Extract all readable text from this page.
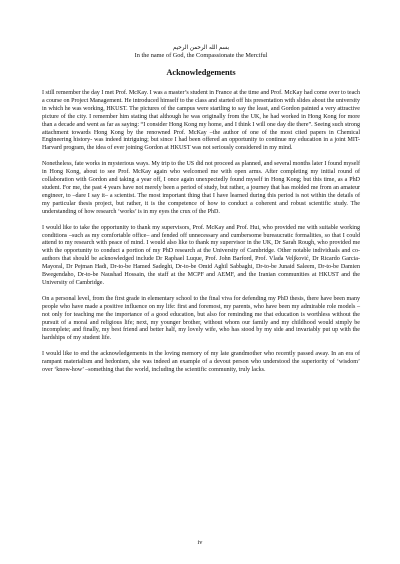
بسم الله الرحمن الرحيم
In the name of God, the Compassionate the Merciful
Acknowledgements

I still remember the day I met Prof. McKay. I was a master’s student in France at the time and Prof. McKay had come over to teach a course on Project Management. He introduced himself to the class and started off his presentation with slides about the university in which he was working, HKUST. The pictures of the campus were startling to say the least, and Gordon painted a very attractive picture of the city. I remember him stating that although he was originally from the UK, he had worked in Hong Kong for more than a decade and went as far as saying: “I consider Hong Kong my home, and I think I will one day die there”. Seeing such strong attachment towards Hong Kong by the renowned Prof. McKay –the author of one of the most cited papers in Chemical Engineering history- was indeed intriguing; but since I had been offered an opportunity to continue my education in a joint MIT-Harvard program, the idea of ever joining Gordon at HKUST was not seriously considered in my mind.

Nonetheless, fate works in mysterious ways. My trip to the US did not proceed as planned, and several months later I found myself in Hong Kong, about to see Prof. McKay again who welcomed me with open arms. After completing my initial round of collaboration with Gordon and taking a year off, I once again unexpectedly found myself in Hong Kong; but this time, as a PhD student. For me, the past 4 years have not merely been a period of study, but rather, a journey that has molded me from an amateur engineer, to –dare I say it– a scientist. The most important thing that I have learned during this period is not within the details of my particular thesis project, but rather, it is the competence of how to conduct a coherent and robust scientific study. The understanding of how research ‘works’ is in my eyes the crux of the PhD.

I would like to take the opportunity to thank my supervisors, Prof. McKay and Prof. Hui, who provided me with suitable working conditions –such as my comfortable office– and fended off unnecessary and cumbersome bureaucratic formalities, so that I could attend to my research with peace of mind. I would also like to thank my supervisor in the UK, Dr Sarah Rough, who provided me with the opportunity to conduct a portion of my PhD research at the University of Cambridge. Other notable individuals and co-authors that should be acknowledged include Dr Raphael Luque, Prof. John Barford, Prof. Vlada Veljković, Dr Ricardo Garcia-Mayoral, Dr Pejman Hadi, Dr-to-be Hamed Sadeghi, Dr-to-be Omid Aghil Sabbaghi, Dr-to-be Junaid Saleem, Dr-to-be Damien Bwegendaho, Dr-to-be Naushad Hossain, the staff at the MCPF and AEMF, and the Iranian communities at HKUST and the University of Cambridge.

On a personal level, from the first grade in elementary school to the final viva for defending my PhD thesis, there have been many people who have made a positive influence on my life: first and foremost, my parents, who have been my admirable role models –not only for teaching me the importance of a good education, but also for reminding me that education is worthless without the pursuit of a moral and religious life; next, my younger brother, without whom our family and my childhood would simply be incomplete; and finally, my best friend and better half, my lovely wife, who has stood by my side and invariably put up with the hardships of my student life.

I would like to end the acknowledgements in the loving memory of my late grandmother who recently passed away. In an era of rampant materialism and hedonism, she was indeed an example of a devout person who understood the superiority of ‘wisdom’ over ‘know-how’ –something that the world, including the scientific community, truly lacks.

iv
